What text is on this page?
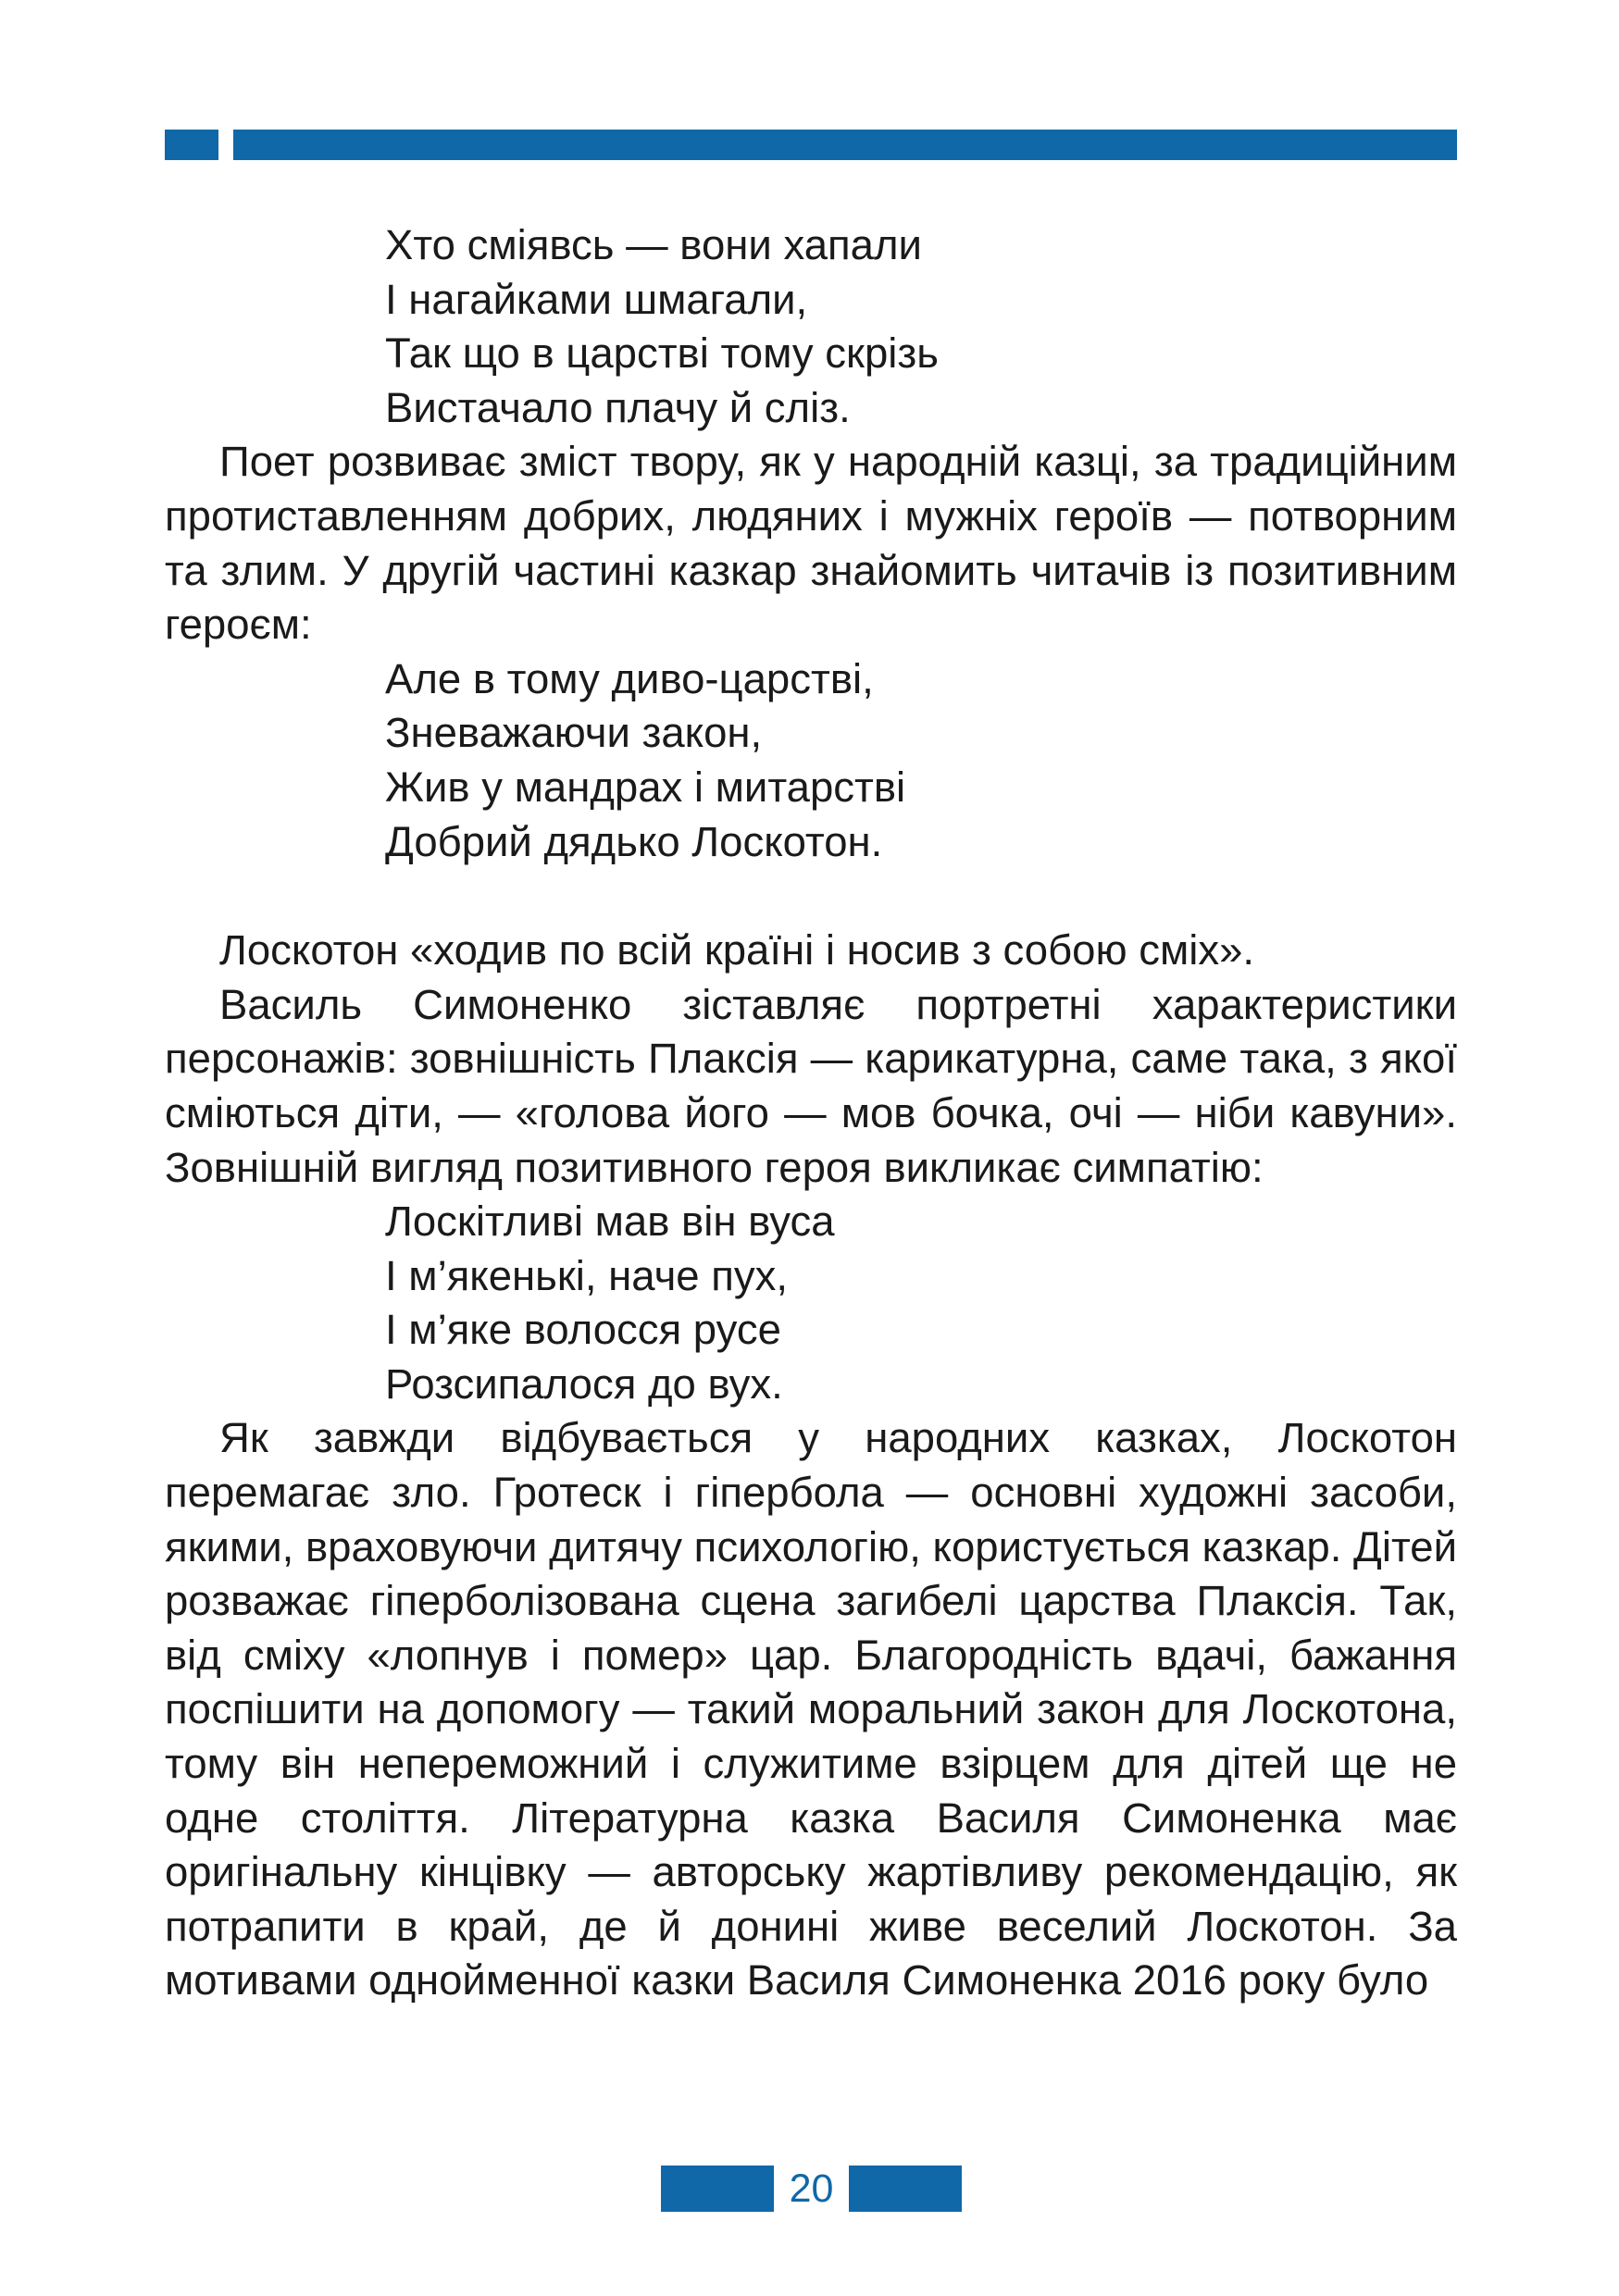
Хто сміявсь — вони хапали
І нагайками шмагали,
Так що в царстві тому скрізь
Вистачало плачу й сліз.

Поет розвиває зміст твору, як у народній казці, за традиційним протиставленням добрих, людяних і мужніх героїв — потворним та злим. У другій частині казкар знайомить читачів із позитивним героєм:

Але в тому диво-царстві,
Зневажаючи закон,
Жив у мандрах і митарстві
Добрий дядько Лоскотон.

Лоскотон «ходив по всій країні і носив з собою сміх».

Василь Симоненко зіставляє портретні характеристики персонажів: зовнішність Плаксія — карикатурна, саме така, з якої сміються діти, — «голова його — мов бочка, очі — ніби кавуни». Зовнішній вигляд позитивного героя викликає симпатію:

Лоскітливі мав він вуса
І м’якенькі, наче пух,
І м’яке волосся русе
Розсипалося до вух.

Як завжди відбувається у народних казках, Лоскотон перемагає зло. Гротеск і гіпербола — основні художні засоби, якими, враховуючи дитячу психологію, користується казкар. Дітей розважає гіперболізована сцена загибелі царства Плаксія. Так, від сміху «лопнув і помер» цар. Благородність вдачі, бажання поспішити на допомогу — такий моральний закон для Лоскотона, тому він непереможний і служитиме взірцем для дітей ще не одне століття. Літературна казка Василя Симоненка має оригінальну кінцівку — авторську жартівливу рекомендацію, як потрапити в край, де й донині живе веселий Лоскотон. За мотивами однойменної казки Василя Симоненка 2016 року було

20
